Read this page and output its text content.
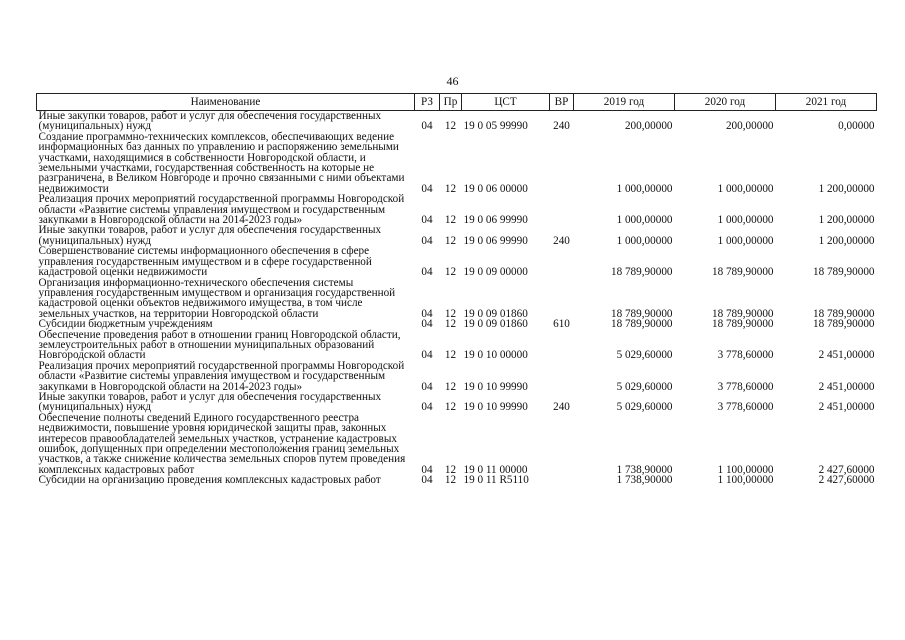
46
Наименование	РЗ	Пр	ЦСТ	ВР	2019 год	2020 год	2021 год
Иные закупки товаров, работ и услуг для обеспечения государственных (муниципальных) нужд	04	12	19 0 05 99990	240	200,00000	200,00000	0,00000
Создание программно-технических комплексов, обеспечивающих ведение информационных баз данных по управлению и распоряжению земельными участками, находящимися в собственности Новгородской области, и земельными участками, государственная собственность на которые не разграничена, в Великом Новгороде и прочно связанными с ними объектами недвижимости	04	12	19 0 06 00000		1 000,00000	1 000,00000	1 200,00000
Реализация прочих мероприятий государственной программы Новгородской области «Развитие системы управления имуществом и государственным закупками в Новгородской области на 2014-2023 годы»	04	12	19 0 06 99990		1 000,00000	1 000,00000	1 200,00000
Иные закупки товаров, работ и услуг для обеспечения государственных (муниципальных) нужд	04	12	19 0 06 99990	240	1 000,00000	1 000,00000	1 200,00000
Совершенствование системы информационного обеспечения в сфере управления государственным имуществом и в сфере государственной кадастровой оценки недвижимости	04	12	19 0 09 00000		18 789,90000	18 789,90000	18 789,90000
Организация информационно-технического обеспечения системы управления государственным имуществом и организация государственной кадастровой оценки объектов недвижимого имущества, в том числе земельных участков, на территории Новгородской области	04	12	19 0 09 01860		18 789,90000	18 789,90000	18 789,90000
Субсидии бюджетным учреждениям	04	12	19 0 09 01860	610	18 789,90000	18 789,90000	18 789,90000
Обеспечение проведения работ в отношении границ Новгородской области, землеустроительных работ в отношении муниципальных образований Новгородской области	04	12	19 0 10 00000		5 029,60000	3 778,60000	2 451,00000
Реализация прочих мероприятий государственной программы Новгородской области «Развитие системы управления имуществом и государственным закупками в Новгородской области на 2014-2023 годы»	04	12	19 0 10 99990		5 029,60000	3 778,60000	2 451,00000
Иные закупки товаров, работ и услуг для обеспечения государственных (муниципальных) нужд	04	12	19 0 10 99990	240	5 029,60000	3 778,60000	2 451,00000
Обеспечение полноты сведений Единого государственного реестра недвижимости, повышение уровня юридической защиты прав, законных интересов правообладателей земельных участков, устранение кадастровых ошибок, допущенных при определении местоположения границ земельных участков, а также снижение количества земельных споров путем проведения комплексных кадастровых работ	04	12	19 0 11 00000		1 738,90000	1 100,00000	2 427,60000
Субсидии на организацию проведения комплексных кадастровых работ	04	12	19 0 11 R5110		1 738,90000	1 100,00000	2 427,60000
